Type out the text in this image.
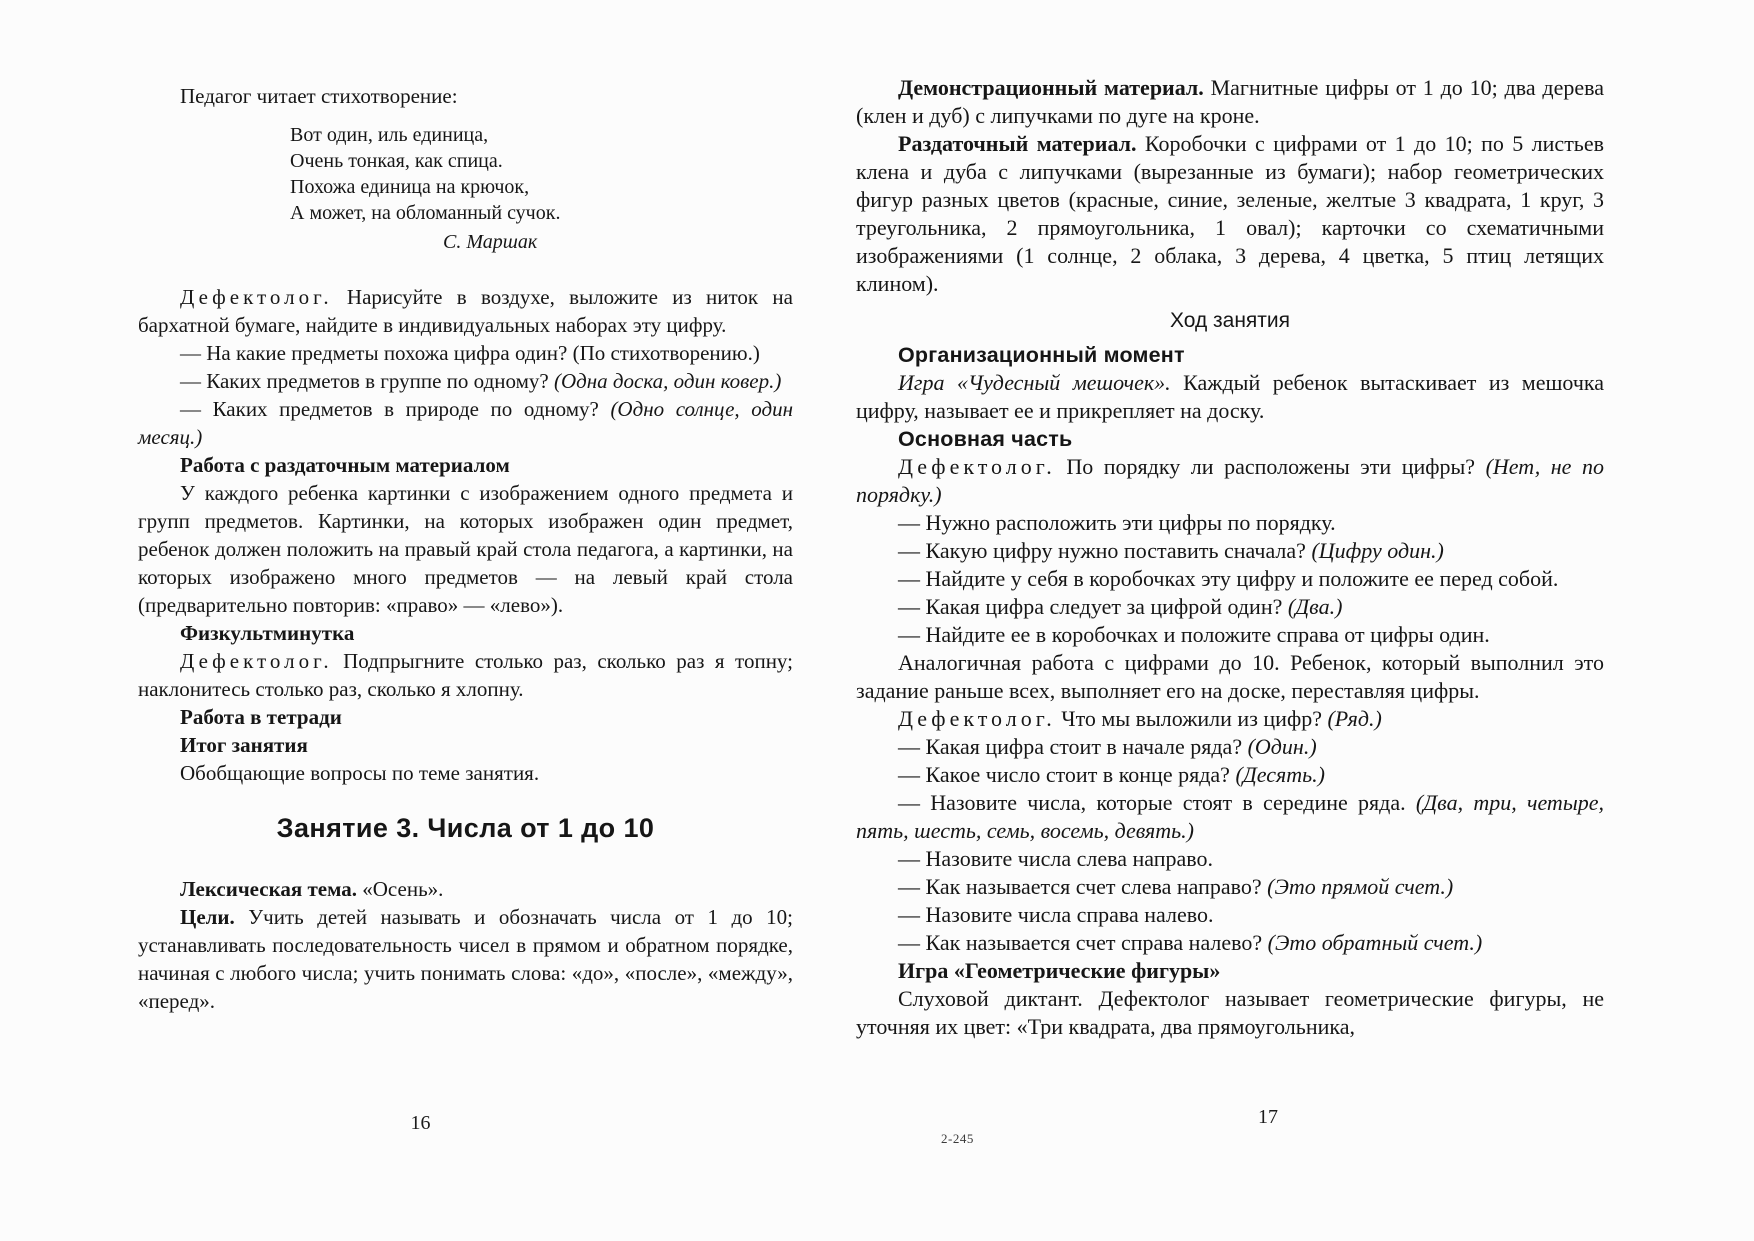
Педагог читает стихотворение:

Вот один, иль единица,

Очень тонкая, как спица.

Похожа единица на крючок,

А может, на обломанный сучок.

С. Маршак

Дефектолог. Нарисуйте в воздухе, выложите из ниток на бархатной бумаге, найдите в индивидуальных наборах эту цифру.

— На какие предметы похожа цифра один? (По стихотворению.)

— Каких предметов в группе по одному? (Одна доска, один ковер.)

— Каких предметов в природе по одному? (Одно солнце, один месяц.)

Работа с раздаточным материалом

У каждого ребенка картинки с изображением одного предмета и групп предметов. Картинки, на которых изображен один предмет, ребенок должен положить на правый край стола педагога, а картинки, на которых изображено много предметов — на левый край стола (предварительно повторив: «право» — «лево»).

Физкультминутка

Дефектолог. Подпрыгните столько раз, сколько раз я топну; наклонитесь столько раз, сколько я хлопну.

Работа в тетради

Итог занятия

Обобщающие вопросы по теме занятия.

Занятие 3. Числа от 1 до 10

Лексическая тема. «Осень».

Цели. Учить детей называть и обозначать числа от 1 до 10; устанавливать последовательность чисел в прямом и обратном порядке, начиная с любого числа; учить понимать слова: «до», «после», «между», «перед».

Демонстрационный материал. Магнитные цифры от 1 до 10; два дерева (клен и дуб) с липучками по дуге на кроне.

Раздаточный материал. Коробочки с цифрами от 1 до 10; по 5 листьев клена и дуба с липучками (вырезанные из бумаги); набор геометрических фигур разных цветов (красные, синие, зеленые, желтые 3 квадрата, 1 круг, 3 треугольника, 2 прямоугольника, 1 овал); карточки со схематичными изображениями (1 солнце, 2 облака, 3 дерева, 4 цветка, 5 птиц летящих клином).

Ход занятия

Организационный момент

Игра «Чудесный мешочек». Каждый ребенок вытаскивает из мешочка цифру, называет ее и прикрепляет на доску.

Основная часть

Дефектолог. По порядку ли расположены эти цифры? (Нет, не по порядку.)

— Нужно расположить эти цифры по порядку.

— Какую цифру нужно поставить сначала? (Цифру один.)

— Найдите у себя в коробочках эту цифру и положите ее перед собой.

— Какая цифра следует за цифрой один? (Два.)

— Найдите ее в коробочках и положите справа от цифры один.

Аналогичная работа с цифрами до 10. Ребенок, который выполнил это задание раньше всех, выполняет его на доске, переставляя цифры.

Дефектолог. Что мы выложили из цифр? (Ряд.)

— Какая цифра стоит в начале ряда? (Один.)

— Какое число стоит в конце ряда? (Десять.)

— Назовите числа, которые стоят в середине ряда. (Два, три, четыре, пять, шесть, семь, восемь, девять.)

— Назовите числа слева направо.

— Как называется счет слева направо? (Это прямой счет.)

— Назовите числа справа налево.

— Как называется счет справа налево? (Это обратный счет.)

Игра «Геометрические фигуры»

Слуховой диктант. Дефектолог называет геометрические фигуры, не уточняя их цвет: «Три квадрата, два прямоугольника,

16	17
2-245
